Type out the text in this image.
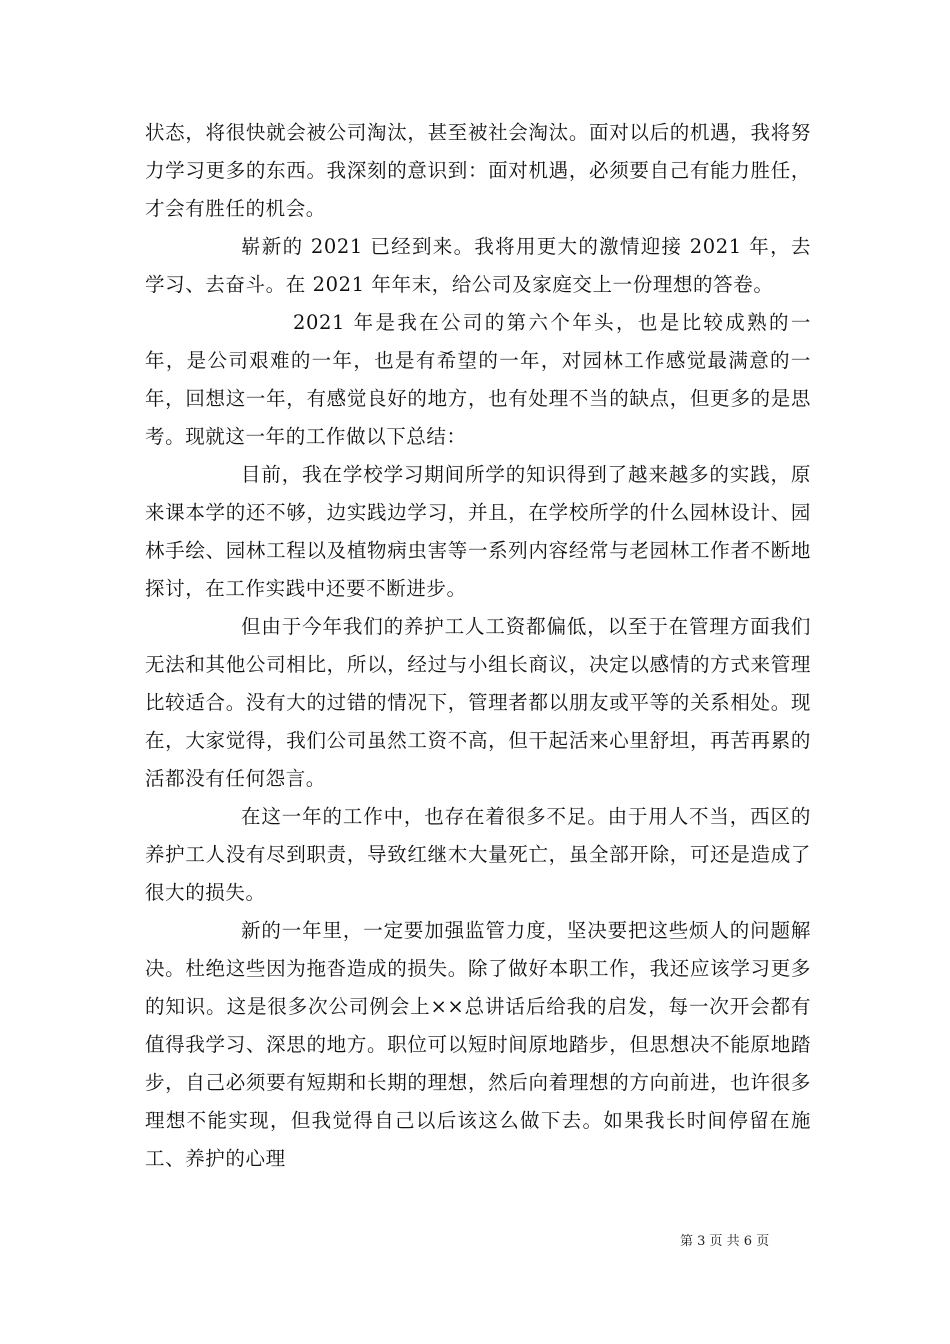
状态，将很快就会被公司淘汰，甚至被社会淘汰。面对以后的机遇，我将努力学习更多的东西。我深刻的意识到：面对机遇，必须要自己有能力胜任，才会有胜任的机会。

崭新的 2021 已经到来。我将用更大的激情迎接 2021 年，去学习、去奋斗。在 2021 年年末，给公司及家庭交上一份理想的答卷。

2021 年是我在公司的第六个年头，也是比较成熟的一年，是公司艰难的一年，也是有希望的一年，对园林工作感觉最满意的一年，回想这一年，有感觉良好的地方，也有处理不当的缺点，但更多的是思考。现就这一年的工作做以下总结：

目前，我在学校学习期间所学的知识得到了越来越多的实践，原来课本学的还不够，边实践边学习，并且，在学校所学的什么园林设计、园林手绘、园林工程以及植物病虫害等一系列内容经常与老园林工作者不断地探讨，在工作实践中还要不断进步。

但由于今年我们的养护工人工资都偏低，以至于在管理方面我们无法和其他公司相比，所以，经过与小组长商议，决定以感情的方式来管理比较适合。没有大的过错的情况下，管理者都以朋友或平等的关系相处。现在，大家觉得，我们公司虽然工资不高，但干起活来心里舒坦，再苦再累的活都没有任何怨言。

在这一年的工作中，也存在着很多不足。由于用人不当，西区的养护工人没有尽到职责，导致红继木大量死亡，虽全部开除，可还是造成了很大的损失。

新的一年里，一定要加强监管力度，坚决要把这些烦人的问题解决。杜绝这些因为拖沓造成的损失。除了做好本职工作，我还应该学习更多的知识。这是很多次公司例会上××总讲话后给我的启发，每一次开会都有值得我学习、深思的地方。职位可以短时间原地踏步，但思想决不能原地踏步，自己必须要有短期和长期的理想，然后向着理想的方向前进，也许很多理想不能实现，但我觉得自己以后该这么做下去。如果我长时间停留在施工、养护的心理

第 3 页 共 6 页
